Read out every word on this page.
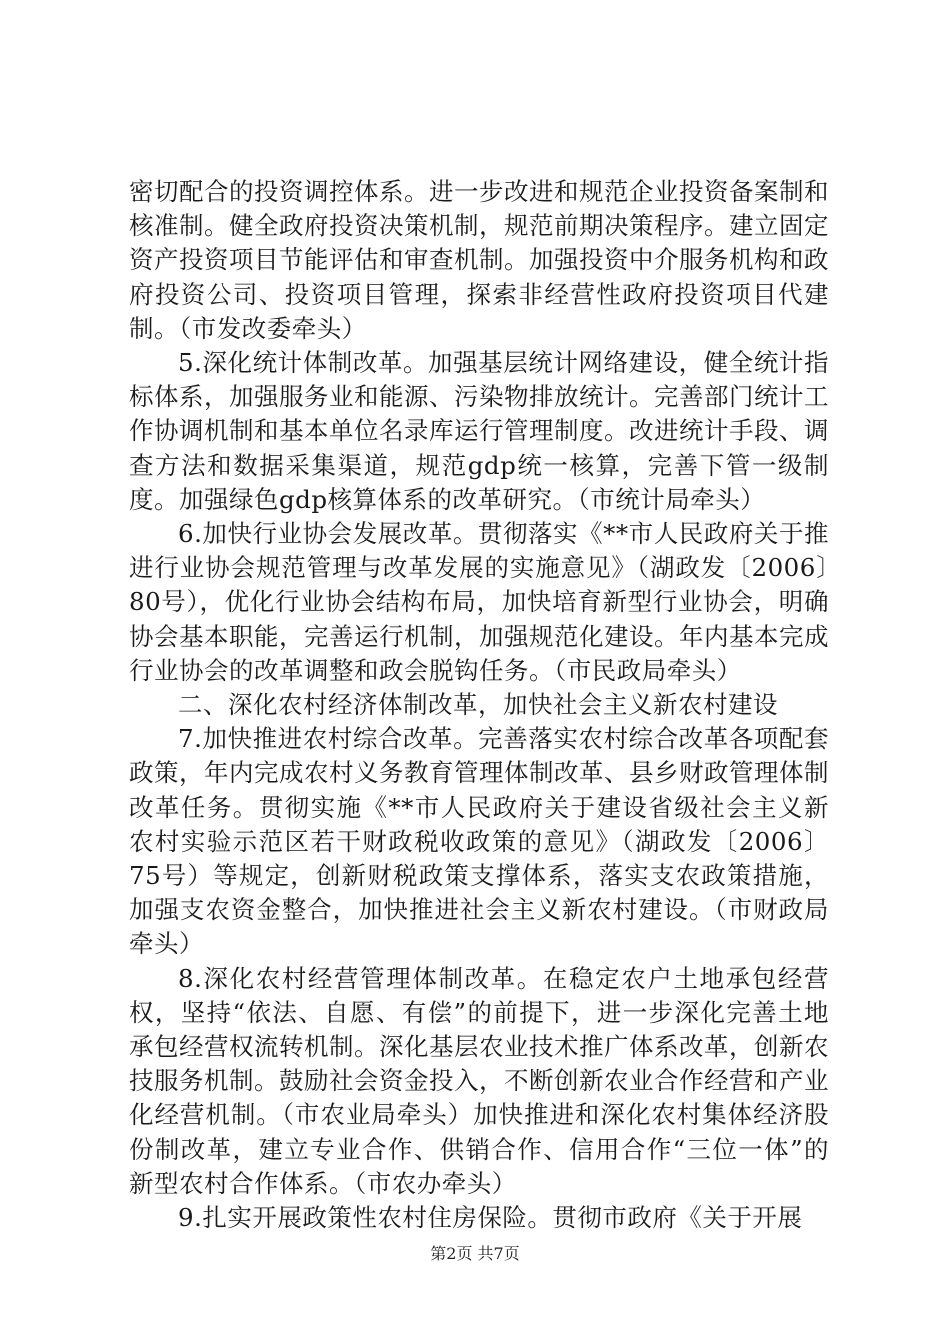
密切配合的投资调控体系。进一步改进和规范企业投资备案制和核准制。健全政府投资决策机制，规范前期决策程序。建立固定资产投资项目节能评估和审查机制。加强投资中介服务机构和政府投资公司、投资项目管理，探索非经营性政府投资项目代建制。（市发改委牵头）

5.深化统计体制改革。加强基层统计网络建设，健全统计指标体系，加强服务业和能源、污染物排放统计。完善部门统计工作协调机制和基本单位名录库运行管理制度。改进统计手段、调查方法和数据采集渠道，规范gdp统一核算，完善下管一级制度。加强绿色gdp核算体系的改革研究。（市统计局牵头）

6.加快行业协会发展改革。贯彻落实《**市人民政府关于推进行业协会规范管理与改革发展的实施意见》（湖政发〔2006〕80号），优化行业协会结构布局，加快培育新型行业协会，明确协会基本职能，完善运行机制，加强规范化建设。年内基本完成行业协会的改革调整和政会脱钩任务。（市民政局牵头）

二、深化农村经济体制改革，加快社会主义新农村建设

7.加快推进农村综合改革。完善落实农村综合改革各项配套政策，年内完成农村义务教育管理体制改革、县乡财政管理体制改革任务。贯彻实施《**市人民政府关于建设省级社会主义新农村实验示范区若干财政税收政策的意见》（湖政发〔2006〕75号）等规定，创新财税政策支撑体系，落实支农政策措施，加强支农资金整合，加快推进社会主义新农村建设。（市财政局牵头）

8.深化农村经营管理体制改革。在稳定农户土地承包经营权，坚持“依法、自愿、有偿”的前提下，进一步深化完善土地承包经营权流转机制。深化基层农业技术推广体系改革，创新农技服务机制。鼓励社会资金投入，不断创新农业合作经营和产业化经营机制。（市农业局牵头）加快推进和深化农村集体经济股份制改革，建立专业合作、供销合作、信用合作“三位一体”的新型农村合作体系。（市农办牵头）

9.扎实开展政策性农村住房保险。贯彻市政府《关于开展

第2页 共7页
